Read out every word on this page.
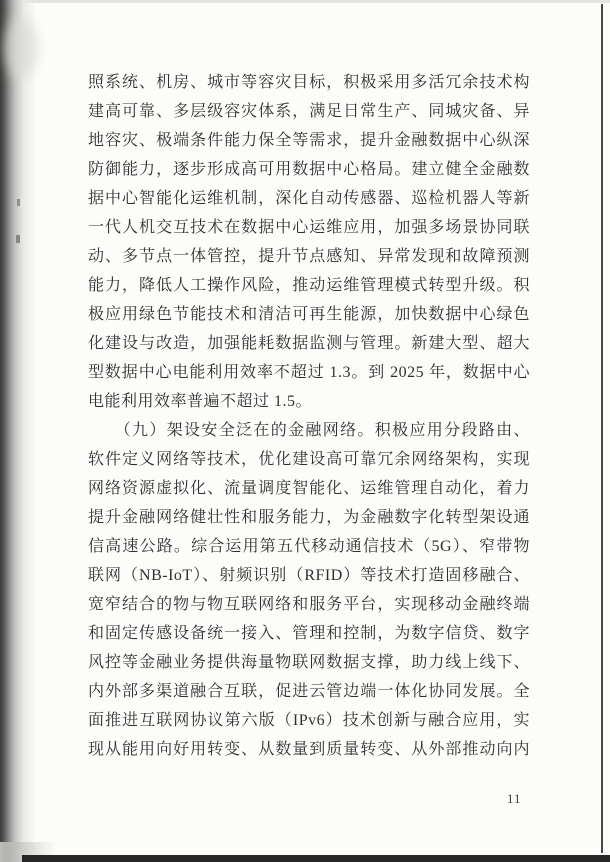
照系统、机房、城市等容灾目标，积极采用多活冗余技术构
建高可靠、多层级容灾体系，满足日常生产、同城灾备、异
地容灾、极端条件能力保全等需求，提升金融数据中心纵深
防御能力，逐步形成高可用数据中心格局。建立健全金融数
据中心智能化运维机制，深化自动传感器、巡检机器人等新
一代人机交互技术在数据中心运维应用，加强多场景协同联
动、多节点一体管控，提升节点感知、异常发现和故障预测
能力，降低人工操作风险，推动运维管理模式转型升级。积
极应用绿色节能技术和清洁可再生能源，加快数据中心绿色
化建设与改造，加强能耗数据监测与管理。新建大型、超大
型数据中心电能利用效率不超过 1.3。到 2025 年，数据中心
电能利用效率普遍不超过 1.5。
　　（九）架设安全泛在的金融网络。积极应用分段路由、
软件定义网络等技术，优化建设高可靠冗余网络架构，实现
网络资源虚拟化、流量调度智能化、运维管理自动化，着力
提升金融网络健壮性和服务能力，为金融数字化转型架设通
信高速公路。综合运用第五代移动通信技术（5G）、窄带物
联网（NB-IoT）、射频识别（RFID）等技术打造固移融合、
宽窄结合的物与物互联网络和服务平台，实现移动金融终端
和固定传感设备统一接入、管理和控制，为数字信贷、数字
风控等金融业务提供海量物联网数据支撑，助力线上线下、
内外部多渠道融合互联，促进云管边端一体化协同发展。全
面推进互联网协议第六版（IPv6）技术创新与融合应用，实
现从能用向好用转变、从数量到质量转变、从外部推动向内
11
